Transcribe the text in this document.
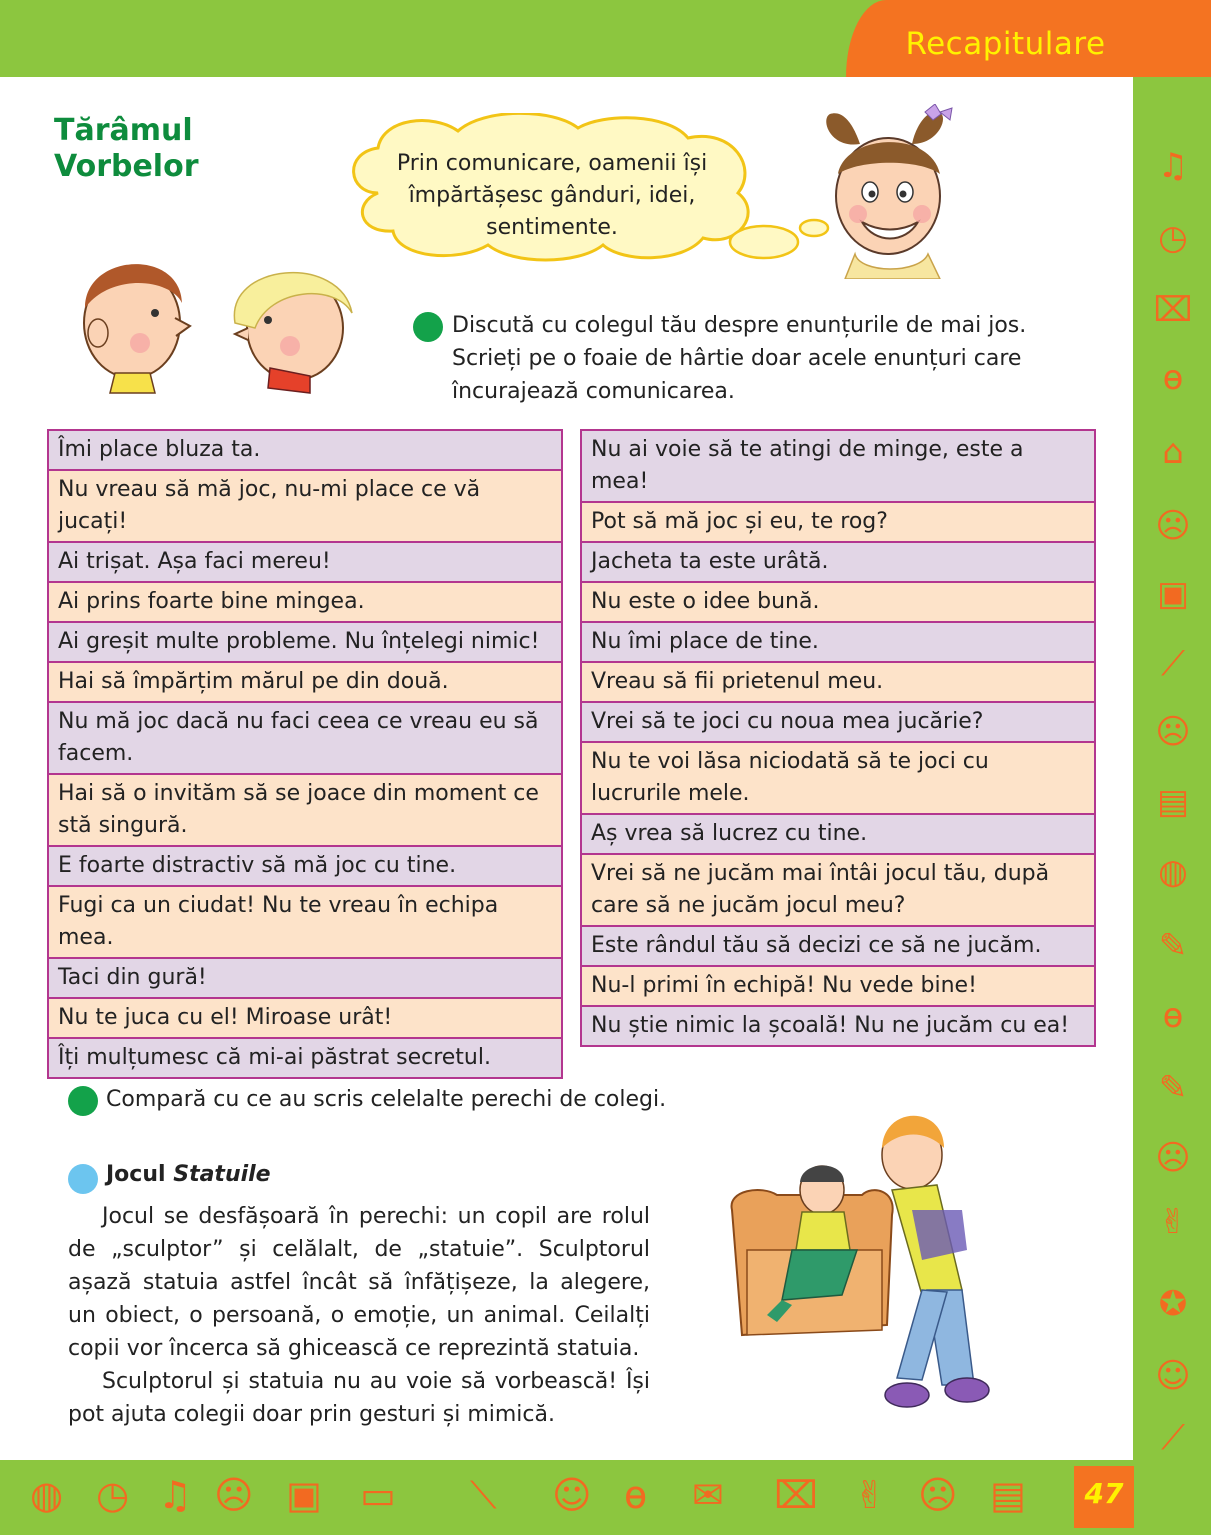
Recapitulare
Tărâmul
Vorbelor	Prin comunicare, oamenii își împărtășesc gânduri, idei, sentimente.
Discută cu colegul tău despre enunțurile de mai jos.
Scrieți pe o foaie de hârtie doar acele enunțuri care
încurajează comunicarea.
Îmi place bluza ta.
Nu vreau să mă joc, nu-mi place ce vă jucați!
Ai trișat. Așa faci mereu!
Ai prins foarte bine mingea.
Ai greșit multe probleme. Nu înțelegi nimic!
Hai să împărțim mărul pe din două.
Nu mă joc dacă nu faci ceea ce vreau eu să facem.
Hai să o invităm să se joace din moment ce stă singură.
E foarte distractiv să mă joc cu tine.
Fugi ca un ciudat! Nu te vreau în echipa mea.
Taci din gură!
Nu te juca cu el! Miroase urât!
Îți mulțumesc că mi-ai păstrat secretul.
Nu ai voie să te atingi de minge, este a mea!
Pot să mă joc și eu, te rog?
Jacheta ta este urâtă.
Nu este o idee bună.
Nu îmi place de tine.
Vreau să fii prietenul meu.
Vrei să te joci cu noua mea jucărie?
Nu te voi lăsa niciodată să te joci cu lucrurile mele.
Aș vrea să lucrez cu tine.
Vrei să ne jucăm mai întâi jocul tău, după care să ne jucăm jocul meu?
Este rândul tău să decizi ce să ne jucăm.
Nu-l primi în echipă! Nu vede bine!
Nu știe nimic la școală! Nu ne jucăm cu ea!
Compară cu ce au scris celelalte perechi de colegi.
Jocul Statuile

Jocul se desfășoară în perechi: un copil are rolul de „sculptor” și celălalt, de „statuie”. Sculptorul așază statuia astfel încât să înfățișeze, la alegere, un obiect, o persoană, o emoție, un animal. Ceilalți copii vor încerca să ghicească ce reprezintă statuia.

Sculptorul și statuia nu au voie să vorbească! Își pot ajuta colegii doar prin gesturi și mimică.

♫
◷
⌧
ɵ
⌂
☹
▣
⟋
☹
▤
◍
✎
ɵ
✎
☹
✌
✪
☺
⟋
◍ ◷ ♫ ☹ ▣ ▭ ⟍ ☺ ɵ ✉ ⌧ ✌ ☹ ▤	47
